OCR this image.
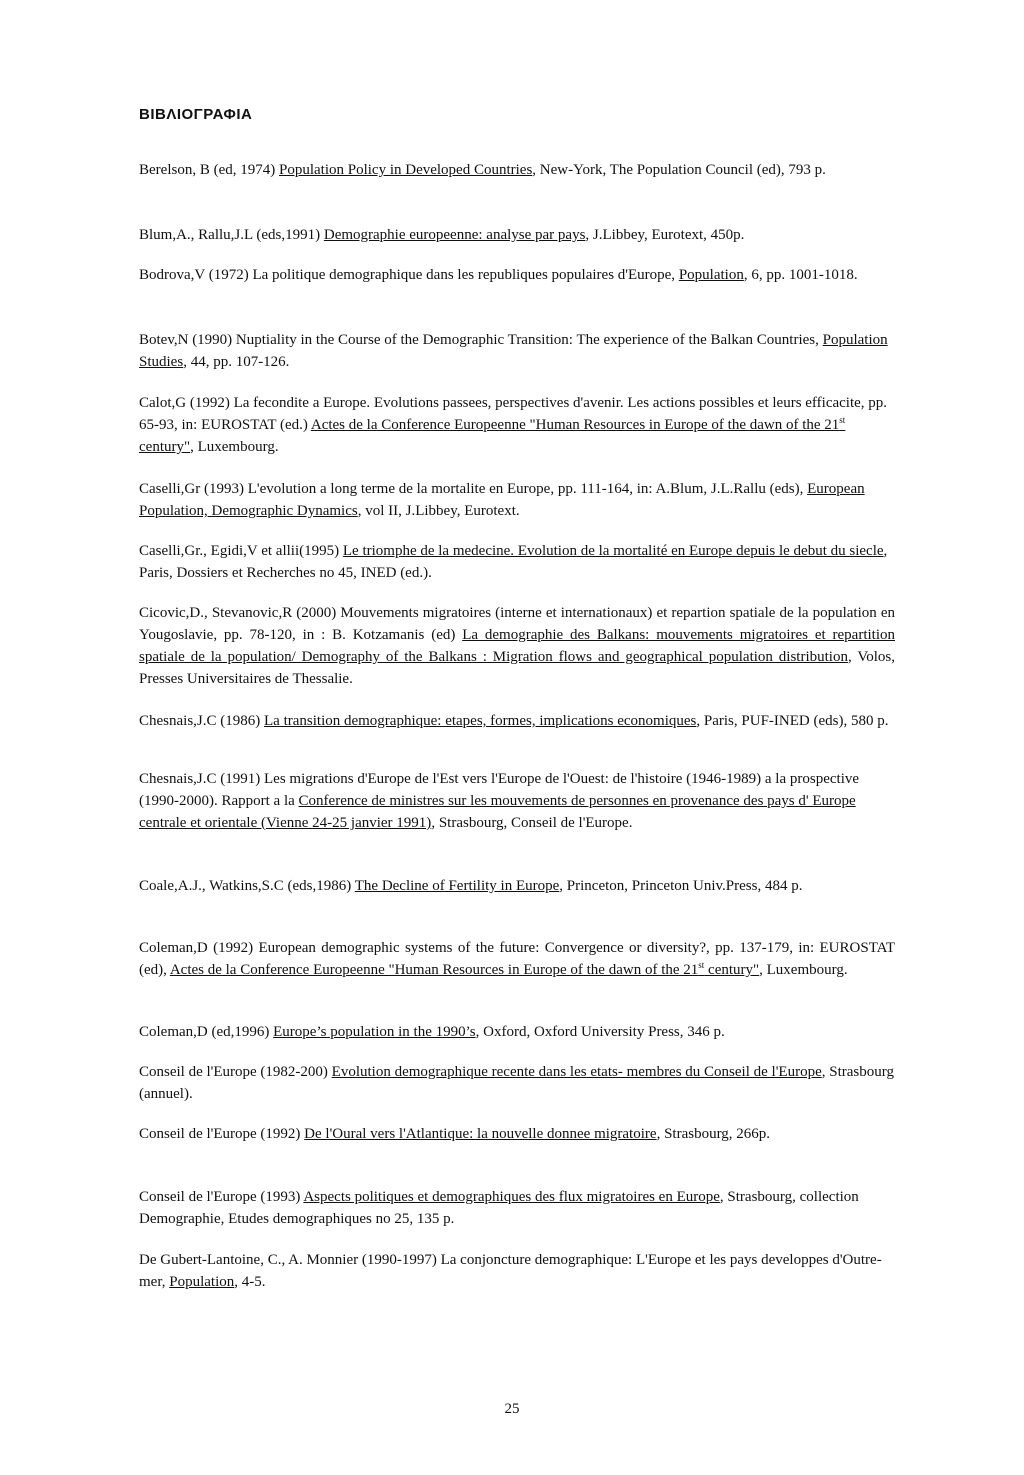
ΒΙΒΛΙΟΓΡΑΦΙΑ
Berelson, B (ed, 1974) Population Policy in Developed Countries, New-York, The Population Council (ed), 793 p.
Blum,A., Rallu,J.L (eds,1991) Demographie europeenne: analyse par pays, J.Libbey, Eurotext, 450p.
Bodrova,V (1972) La politique demographique dans les republiques populaires d'Europe, Population, 6, pp. 1001-1018.
Botev,N (1990) Nuptiality in the Course of the Demographic Transition: The experience of the Balkan Countries, Population Studies, 44, pp. 107-126.
Calot,G (1992) La fecondite a Europe. Evolutions passees, perspectives d'avenir. Les actions possibles et leurs efficacite, pp. 65-93, in: EUROSTAT (ed.) Actes de la Conference Europeenne "Human Resources in Europe of the dawn of the 21st century", Luxembourg.
Caselli,Gr (1993) L'evolution a long terme de la mortalite en Europe, pp. 111-164, in: A.Blum, J.L.Rallu (eds), European Population, Demographic Dynamics, vol II, J.Libbey, Eurotext.
Caselli,Gr., Egidi,V et allii(1995) Le triomphe de la medecine. Evolution de la mortalité en Europe depuis le debut du siecle, Paris, Dossiers et Recherches no 45, INED (ed.).
Cicovic,D., Stevanovic,R (2000) Mouvements migratoires (interne et internationaux) et repartion spatiale de la population en Yougoslavie, pp. 78-120, in : B. Kotzamanis (ed) La demographie des Balkans: mouvements migratoires et repartition spatiale de la population/ Demography of the Balkans : Migration flows and geographical population distribution, Volos, Presses Universitaires de Thessalie.
Chesnais,J.C (1986) La transition demographique: etapes, formes, implications economiques, Paris, PUF-INED (eds), 580 p.
Chesnais,J.C (1991) Les migrations d'Europe de l'Est vers l'Europe de l'Ouest: de l'histoire (1946-1989) a la prospective (1990-2000). Rapport a la Conference de ministres sur les mouvements de personnes en provenance des pays d' Europe centrale et orientale (Vienne 24-25 janvier 1991), Strasbourg, Conseil de l'Europe.
Coale,A.J., Watkins,S.C (eds,1986) The Decline of Fertility in Europe, Princeton, Princeton Univ.Press, 484 p.
Coleman,D (1992) European demographic systems of the future: Convergence or diversity?, pp. 137-179, in: EUROSTAT (ed), Actes de la Conference Europeenne "Human Resources in Europe of the dawn of the 21st century", Luxembourg.
Coleman,D (ed,1996) Europe’s population in the 1990’s, Oxford, Oxford University Press, 346 p.
Conseil de l'Europe (1982-200) Evolution demographique recente dans les etats- membres du Conseil de l'Europe, Strasbourg (annuel).
Conseil de l'Europe (1992) De l'Oural vers l'Atlantique: la nouvelle donnee migratoire, Strasbourg, 266p.
Conseil de l'Europe (1993) Aspects politiques et demographiques des flux migratoires en Europe, Strasbourg, collection Demographie, Etudes demographiques no 25, 135 p.
De Gubert-Lantoine, C., A. Monnier (1990-1997) La conjoncture demographique: L'Europe et les pays developpes d'Outre-mer, Population, 4-5.
25
